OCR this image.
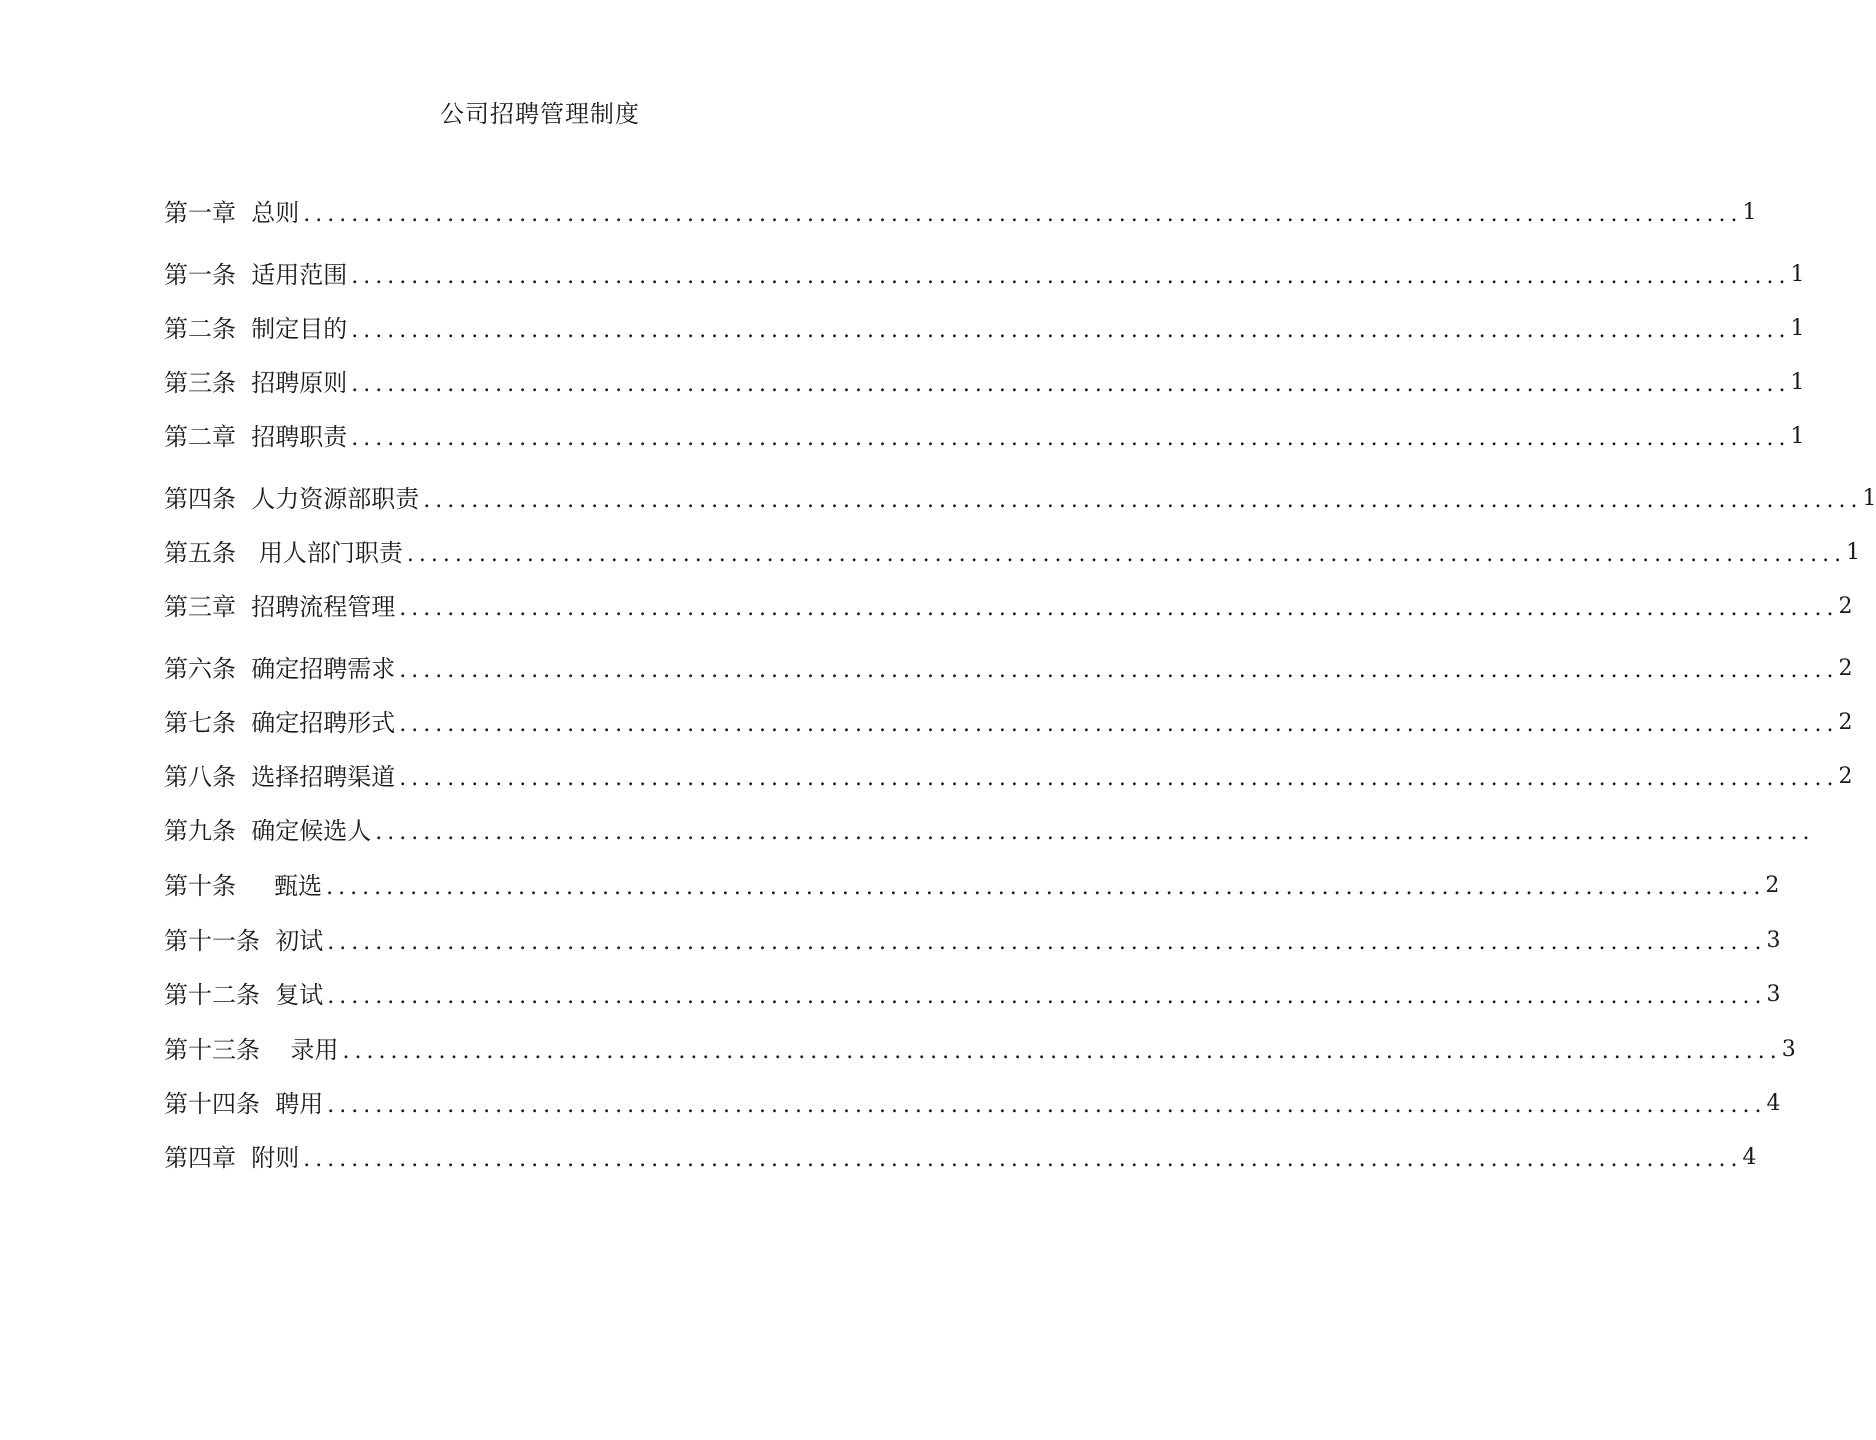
公司招聘管理制度
第一章  总则 ........................................................................................................................ 1
第一条  适用范围 ........................................................................................................................ 1
第二条  制定目的 ........................................................................................................................ 1
第三条  招聘原则 ........................................................................................................................ 1
第二章  招聘职责 ........................................................................................................................ 1
第四条  人力资源部职责 ........................................................................................................................ 1
第五条   用人部门职责 ........................................................................................................................ 1
第三章  招聘流程管理 ........................................................................................................................ 2
第六条  确定招聘需求 ........................................................................................................................ 2
第七条  确定招聘形式 ........................................................................................................................ 2
第八条  选择招聘渠道 ........................................................................................................................ 2
第九条  确定候选人 ........................................................................................................................
第十条     甄选 ........................................................................................................................ 2
第十一条  初试 ........................................................................................................................ 3
第十二条  复试 ........................................................................................................................ 3
第十三条    录用 ........................................................................................................................ 3
第十四条  聘用 ........................................................................................................................ 4
第四章  附则 ........................................................................................................................ 4
